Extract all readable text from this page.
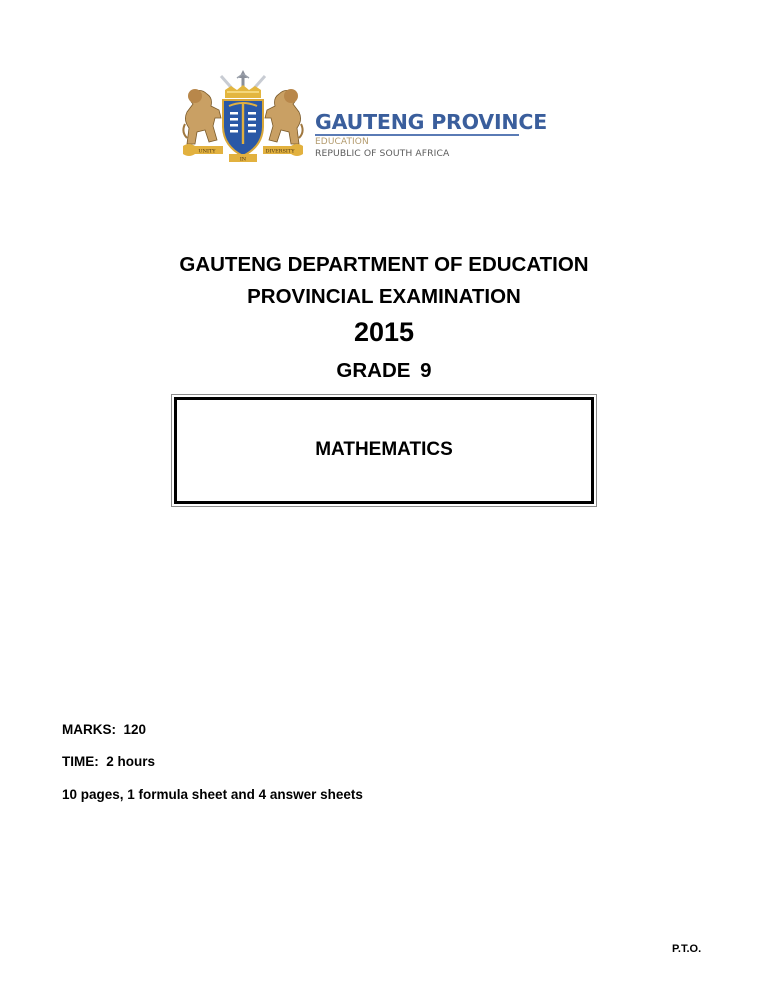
UNITY
IN
DIVERSITY
GAUTENG PROVINCE
EDUCATION
REPUBLIC OF SOUTH AFRICA
GAUTENG DEPARTMENT OF EDUCATION
PROVINCIAL EXAMINATION
2015
GRADE 9
MATHEMATICS
MARKS:  120
TIME:  2 hours
10 pages, 1 formula sheet and 4 answer sheets
P.T.O.
